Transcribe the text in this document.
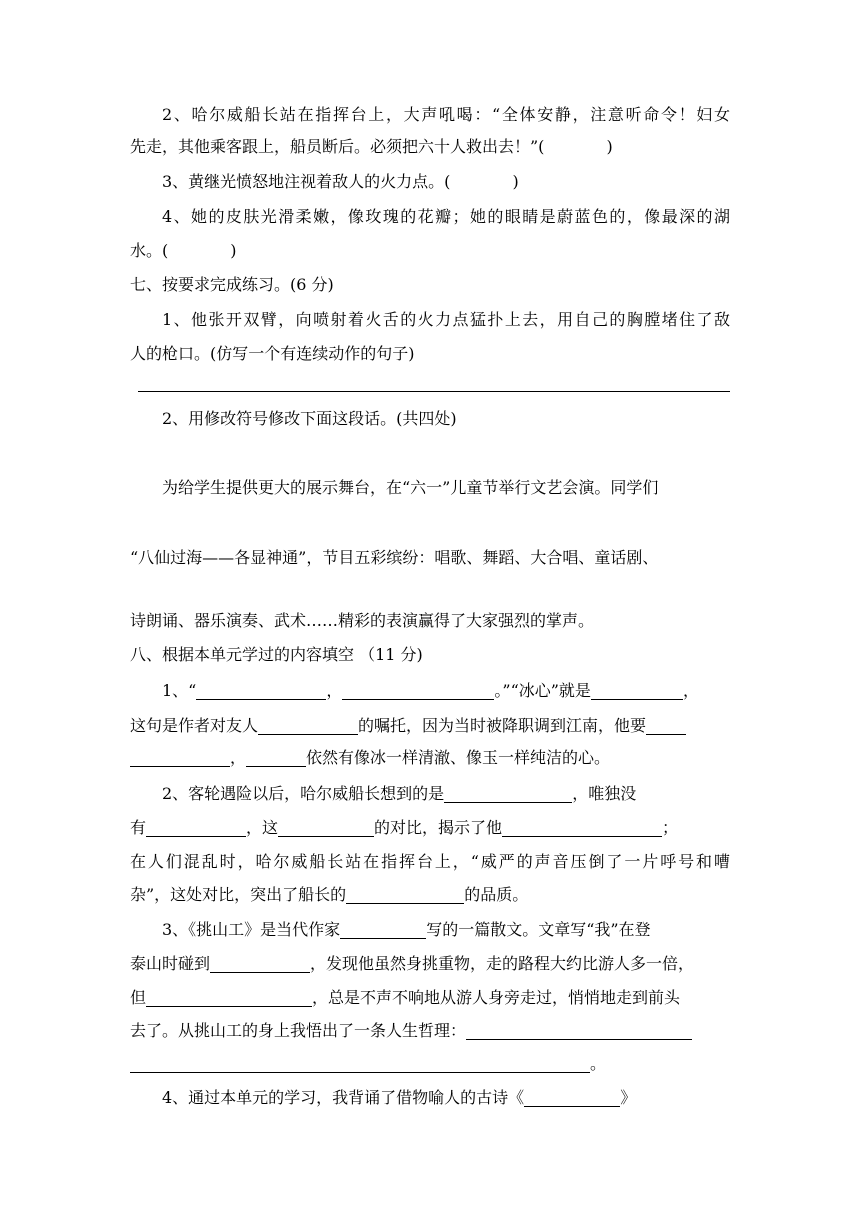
2、哈尔威船长站在指挥台上，大声吼喝：“全体安静，注意听命令！妇女
先走，其他乘客跟上，船员断后。必须把六十人救出去！”(	)
3、黄继光愤怒地注视着敌人的火力点。(	)
4、她的皮肤光滑柔嫩，像玫瑰的花瓣；她的眼睛是蔚蓝色的，像最深的湖
水。(	)
七、按要求完成练习。(6 分)
1、他张开双臂，向喷射着火舌的火力点猛扑上去，用自己的胸膛堵住了敌
人的枪口。(仿写一个有连续动作的句子)
2、用修改符号修改下面这段话。(共四处)
为给学生提供更大的展示舞台，在“六一”儿童节举行文艺会演。同学们
“八仙过海——各显神通”，节目五彩缤纷：唱歌、舞蹈、大合唱、童话剧、
诗朗诵、器乐演奏、武术……精彩的表演赢得了大家强烈的掌声。
八、根据本单元学过的内容填空 （11 分)
1、“	，	。”“冰心”就是	，
这句是作者对友人	的嘱托，因为当时被降职调到江南，他要
，	依然有像冰一样清澈、像玉一样纯洁的心。
2、客轮遇险以后，哈尔威船长想到的是	，唯独没
有	，这	的对比，揭示了他	；
在人们混乱时，哈尔威船长站在指挥台上，“威严的声音压倒了一片呼号和嘈
杂”，这处对比，突出了船长的	的品质。
3、《挑山工》是当代作家	写的一篇散文。文章写“我”在登
泰山时碰到	，发现他虽然身挑重物，走的路程大约比游人多一倍，
但	，总是不声不响地从游人身旁走过，悄悄地走到前头
去了。从挑山工的身上我悟出了一条人生哲理：
。
4、通过本单元的学习，我背诵了借物喻人的古诗《	》
